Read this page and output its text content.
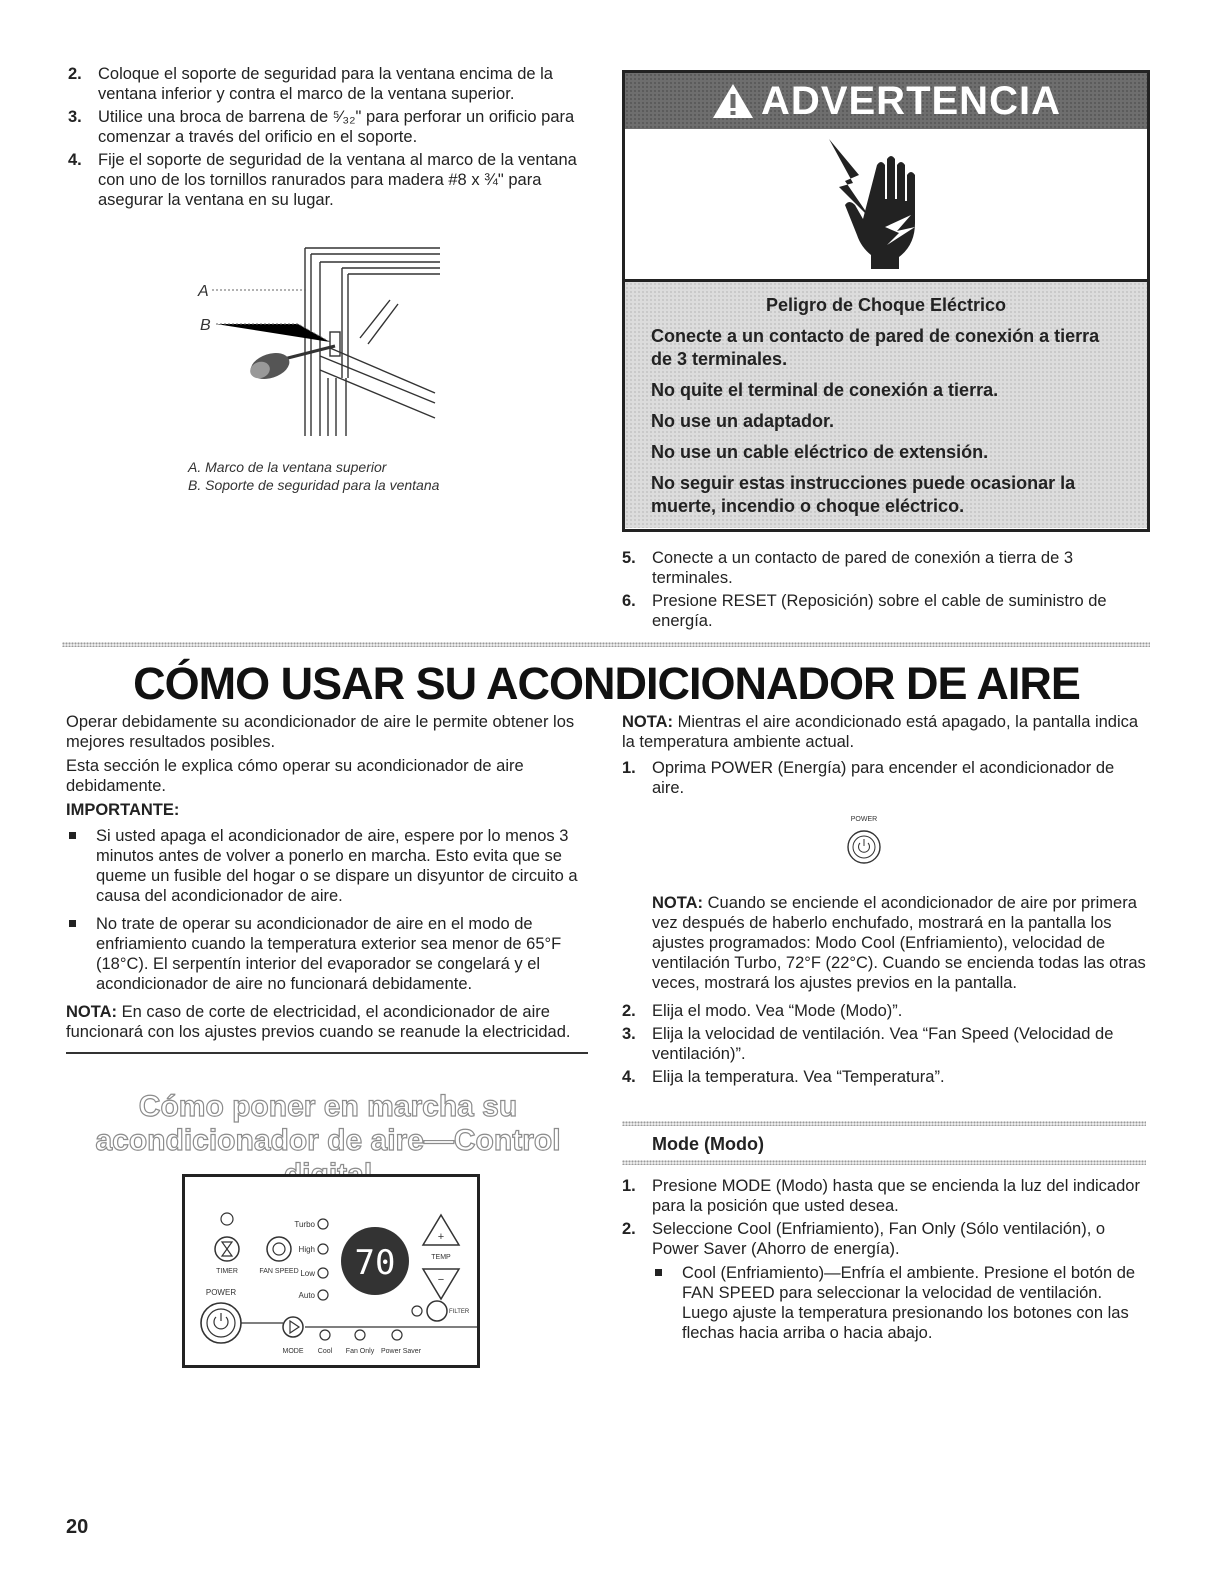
2. Coloque el soporte de seguridad para la ventana encima de la ventana inferior y contra el marco de la ventana superior.
3. Utilice una broca de barrena de ⁵⁄₃₂" para perforar un orificio para comenzar a través del orificio en el soporte.
4. Fije el soporte de seguridad de la ventana al marco de la ventana con uno de los tornillos ranurados para madera #8 x ¾" para asegurar la ventana en su lugar.
A
B
A. Marco de la ventana superior
B. Soporte de seguridad para la ventana
ADVERTENCIA

Peligro de Choque Eléctrico

Conecte a un contacto de pared de conexión a tierra de 3 terminales.

No quite el terminal de conexión a tierra.

No use un adaptador.

No use un cable eléctrico de extensión.

No seguir estas instrucciones puede ocasionar la muerte, incendio o choque eléctrico.

5. Conecte a un contacto de pared de conexión a tierra de 3 terminales.
6. Presione RESET (Reposición) sobre el cable de suministro de energía.
CÓMO USAR SU ACONDICIONADOR DE AIRE

Operar debidamente su acondicionador de aire le permite obtener los mejores resultados posibles.

Esta sección le explica cómo operar su acondicionador de aire debidamente.

IMPORTANTE:

Si usted apaga el acondicionador de aire, espere por lo menos 3 minutos antes de volver a ponerlo en marcha. Esto evita que se queme un fusible del hogar o se dispare un disyuntor de circuito a causa del acondicionador de aire.
No trate de operar su acondicionador de aire en el modo de enfriamiento cuando la temperatura exterior sea menor de 65°F (18°C). El serpentín interior del evaporador se congelará y el acondicionador de aire no funcionará debidamente.

NOTA: En caso de corte de electricidad, el acondicionador de aire funcionará con los ajustes previos cuando se reanude la electricidad.

Cómo poner en marcha su
acondicionador de aire—Control
TIMER	FAN SPEED
Turbo
High
Low
Auto
70
+
TEMP
−
FILTER
POWER
MODE Cool Fan Only Power Saver

NOTA: Mientras el aire acondicionado está apagado, la pantalla indica la temperatura ambiente actual.

1. Oprima POWER (Energía) para encender el acondicionador de aire.
POWER

NOTA: Cuando se enciende el acondicionador de aire por primera vez después de haberlo enchufado, mostrará en la pantalla los ajustes programados: Modo Cool (Enfriamiento), velocidad de ventilación Turbo, 72°F (22°C). Cuando se encienda todas las otras veces, mostrará los ajustes previos en la pantalla.

2. Elija el modo. Vea “Mode (Modo)”.
3. Elija la velocidad de ventilación. Vea “Fan Speed (Velocidad de ventilación)”.
4. Elija la temperatura. Vea “Temperatura”.
Mode (Modo)
1. Presione MODE (Modo) hasta que se encienda la luz del indicador para la posición que usted desea.
2. Seleccione Cool (Enfriamiento), Fan Only (Sólo ventilación), o Power Saver (Ahorro de energía).
Cool (Enfriamiento)—Enfría el ambiente. Presione el botón de FAN SPEED para seleccionar la velocidad de ventilación. Luego ajuste la temperatura presionando los botones con las flechas hacia arriba o hacia abajo.
20
